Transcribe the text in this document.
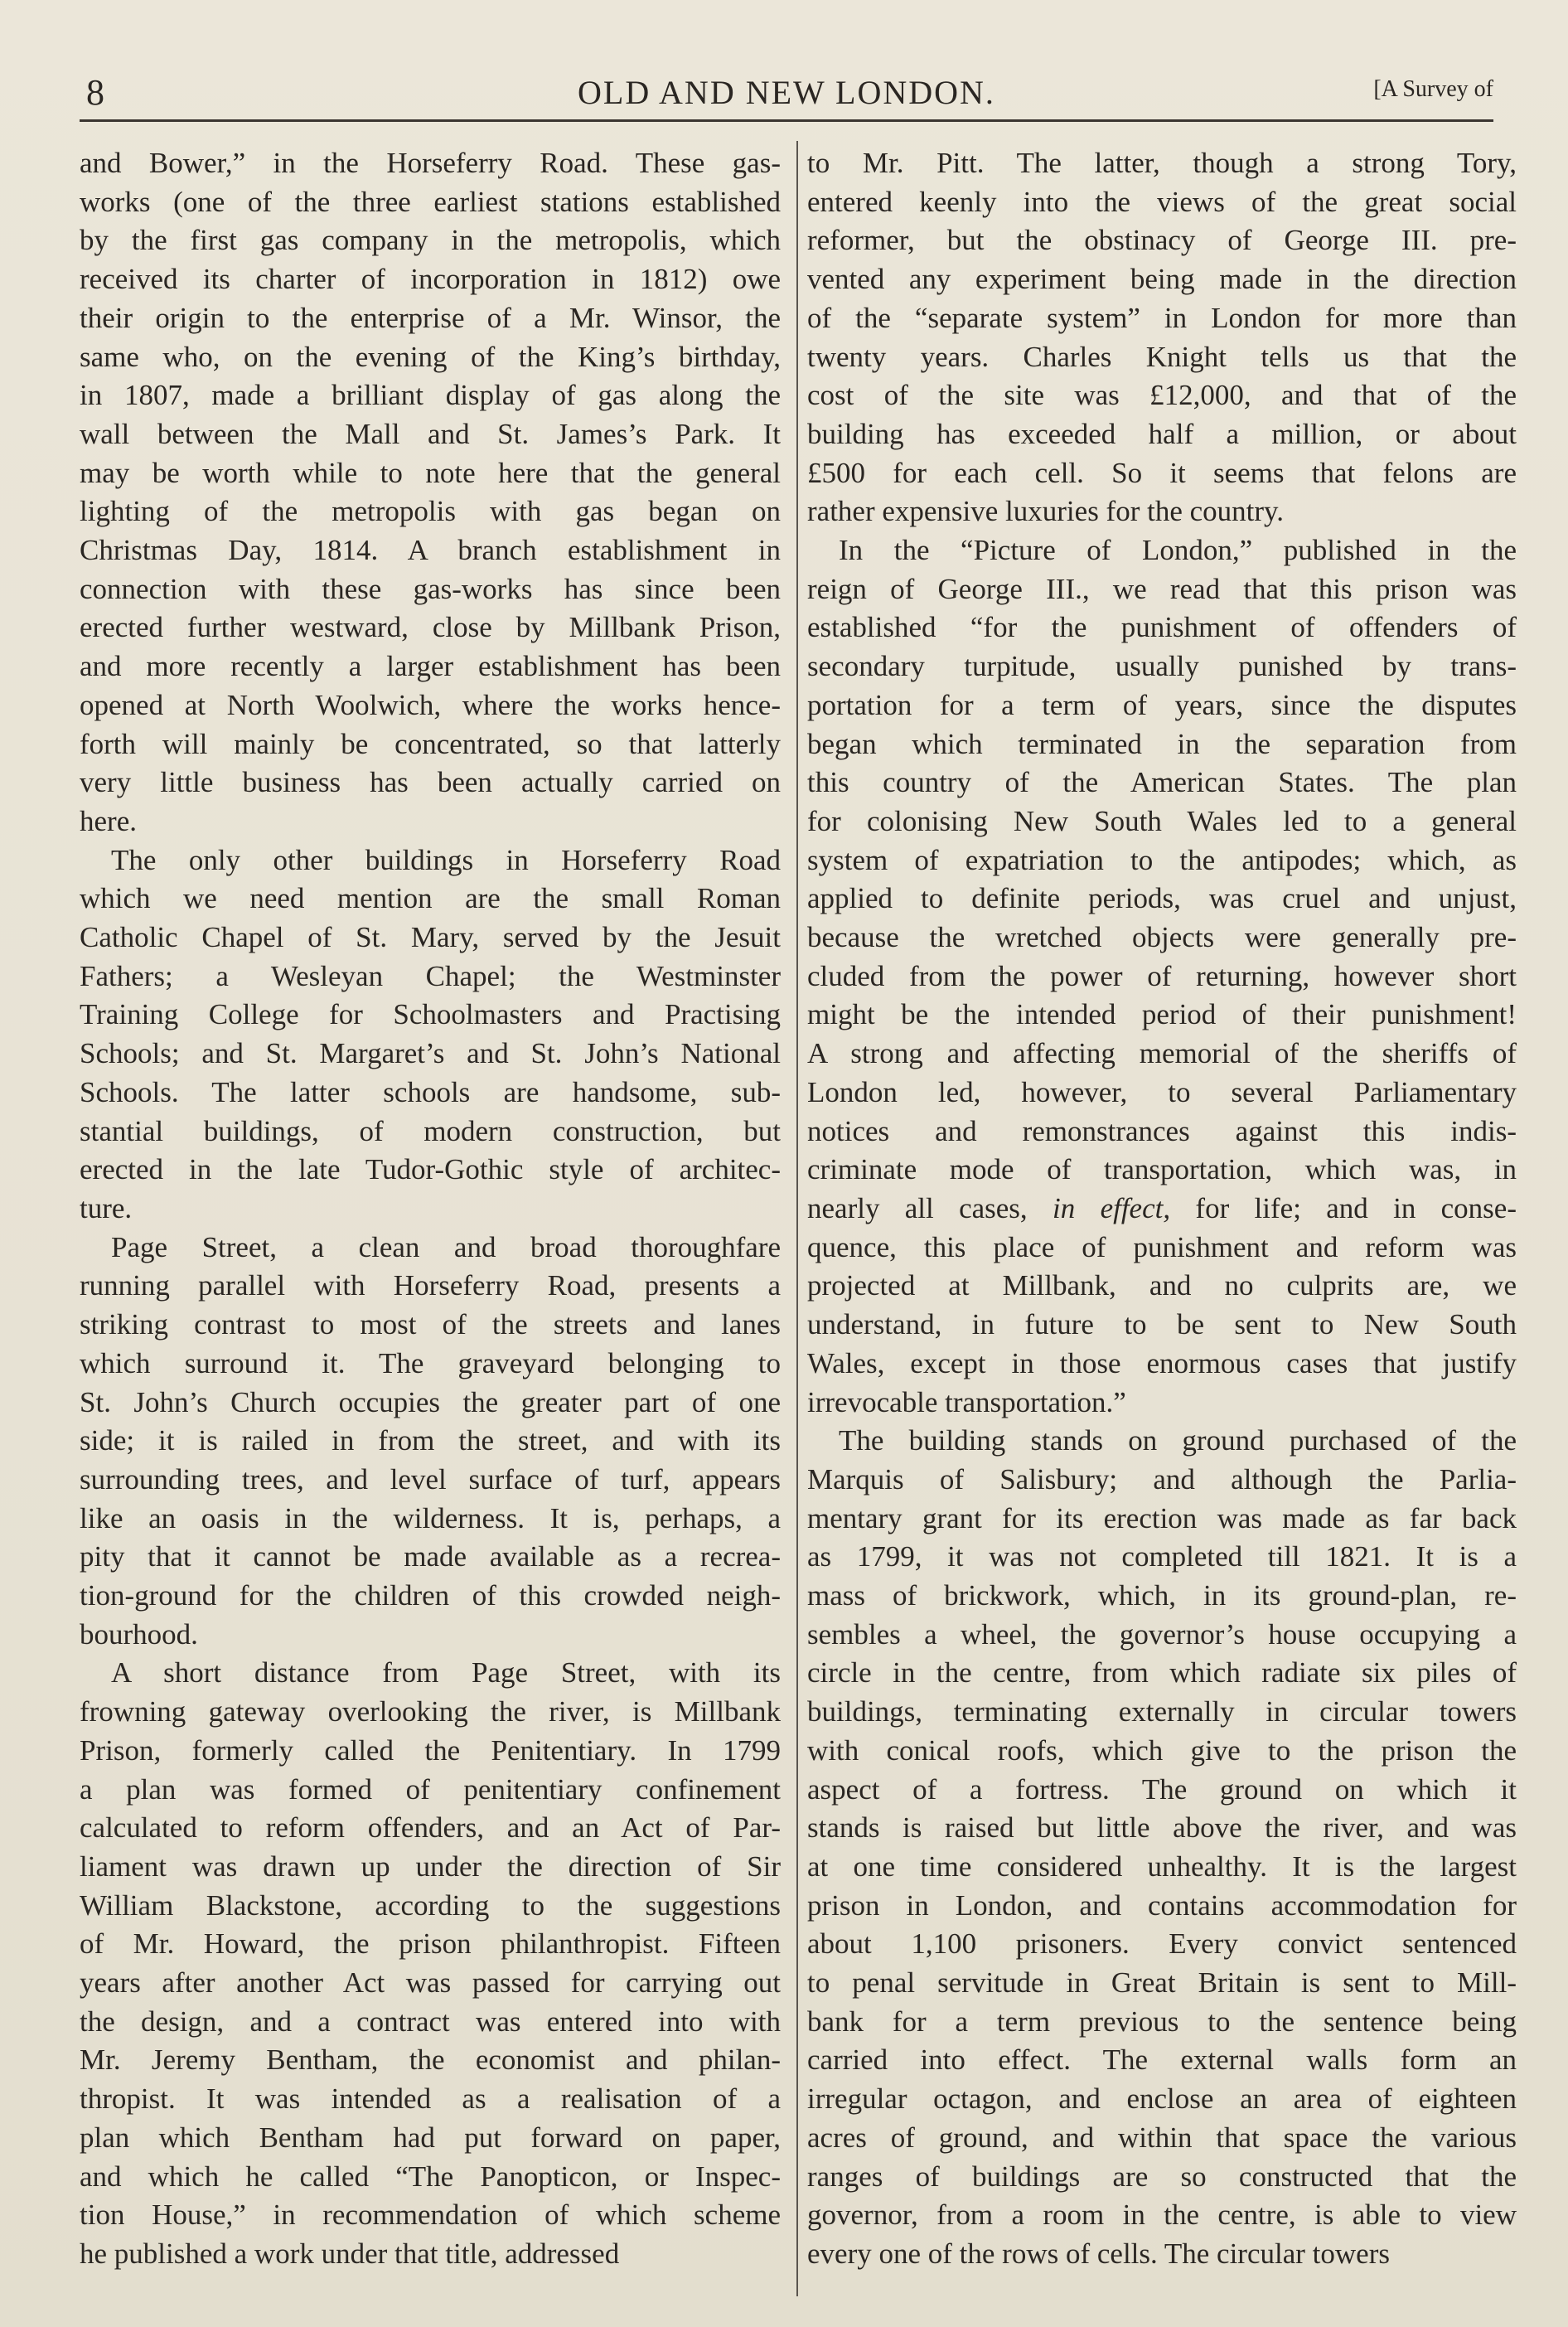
8	OLD AND NEW LONDON.	[A Survey of

and Bower,” in the Horseferry Road. These gas-
works (one of the three earliest stations established
by the first gas company in the metropolis, which
received its charter of incorporation in 1812) owe
their origin to the enterprise of a Mr. Winsor, the
same who, on the evening of the King’s birthday,
in 1807, made a brilliant display of gas along the
wall between the Mall and St. James’s Park. It
may be worth while to note here that the general
lighting of the metropolis with gas began on
Christmas Day, 1814. A branch establishment in
connection with these gas-works has since been
erected further westward, close by Millbank Prison,
and more recently a larger establishment has been
opened at North Woolwich, where the works hence-
forth will mainly be concentrated, so that latterly
very little business has been actually carried on
here.

The only other buildings in Horseferry Road
which we need mention are the small Roman
Catholic Chapel of St. Mary, served by the Jesuit
Fathers; a Wesleyan Chapel; the Westminster
Training College for Schoolmasters and Practising
Schools; and St. Margaret’s and St. John’s National
Schools. The latter schools are handsome, sub-
stantial buildings, of modern construction, but
erected in the late Tudor-Gothic style of architec-
ture.

Page Street, a clean and broad thoroughfare
running parallel with Horseferry Road, presents a
striking contrast to most of the streets and lanes
which surround it. The graveyard belonging to
St. John’s Church occupies the greater part of one
side; it is railed in from the street, and with its
surrounding trees, and level surface of turf, appears
like an oasis in the wilderness. It is, perhaps, a
pity that it cannot be made available as a recrea-
tion-ground for the children of this crowded neigh-
bourhood.

A short distance from Page Street, with its
frowning gateway overlooking the river, is Millbank
Prison, formerly called the Penitentiary. In 1799
a plan was formed of penitentiary confinement
calculated to reform offenders, and an Act of Par-
liament was drawn up under the direction of Sir
William Blackstone, according to the suggestions
of Mr. Howard, the prison philanthropist. Fifteen
years after another Act was passed for carrying out
the design, and a contract was entered into with
Mr. Jeremy Bentham, the economist and philan-
thropist. It was intended as a realisation of a
plan which Bentham had put forward on paper,
and which he called “The Panopticon, or Inspec-
tion House,” in recommendation of which scheme
he published a work under that title, addressed

to Mr. Pitt. The latter, though a strong Tory,
entered keenly into the views of the great social
reformer, but the obstinacy of George III. pre-
vented any experiment being made in the direction
of the “separate system” in London for more than
twenty years. Charles Knight tells us that the
cost of the site was £12,000, and that of the
building has exceeded half a million, or about
£500 for each cell. So it seems that felons are
rather expensive luxuries for the country.

In the “Picture of London,” published in the
reign of George III., we read that this prison was
established “for the punishment of offenders of
secondary turpitude, usually punished by trans-
portation for a term of years, since the disputes
began which terminated in the separation from
this country of the American States. The plan
for colonising New South Wales led to a general
system of expatriation to the antipodes; which, as
applied to definite periods, was cruel and unjust,
because the wretched objects were generally pre-
cluded from the power of returning, however short
might be the intended period of their punishment!
A strong and affecting memorial of the sheriffs of
London led, however, to several Parliamentary
notices and remonstrances against this indis-
criminate mode of transportation, which was, in
nearly all cases, in effect, for life; and in conse-
quence, this place of punishment and reform was
projected at Millbank, and no culprits are, we
understand, in future to be sent to New South
Wales, except in those enormous cases that justify
irrevocable transportation.”

The building stands on ground purchased of the
Marquis of Salisbury; and although the Parlia-
mentary grant for its erection was made as far back
as 1799, it was not completed till 1821. It is a
mass of brickwork, which, in its ground-plan, re-
sembles a wheel, the governor’s house occupying a
circle in the centre, from which radiate six piles of
buildings, terminating externally in circular towers
with conical roofs, which give to the prison the
aspect of a fortress. The ground on which it
stands is raised but little above the river, and was
at one time considered unhealthy. It is the largest
prison in London, and contains accommodation for
about 1,100 prisoners. Every convict sentenced
to penal servitude in Great Britain is sent to Mill-
bank for a term previous to the sentence being
carried into effect. The external walls form an
irregular octagon, and enclose an area of eighteen
acres of ground, and within that space the various
ranges of buildings are so constructed that the
governor, from a room in the centre, is able to view
every one of the rows of cells. The circular towers
